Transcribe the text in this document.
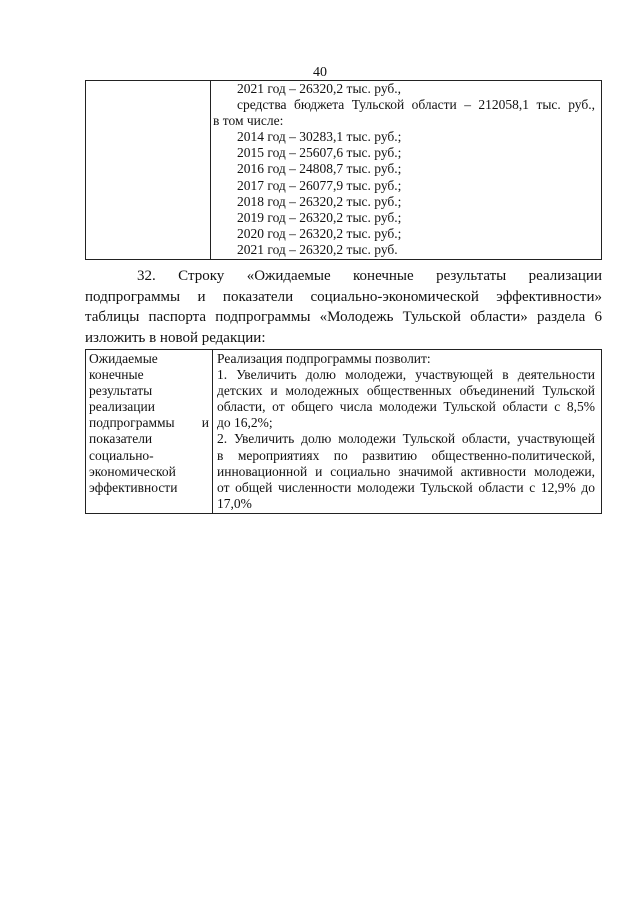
40

2021 год – 26320,2 тыс. руб.,
средства бюджета Тульской области – 212058,1 тыс. руб.,
в том числе:
2014 год – 30283,1 тыс. руб.;
2015 год – 25607,6 тыс. руб.;
2016 год – 24808,7 тыс. руб.;
2017 год – 26077,9 тыс. руб.;
2018 год – 26320,2 тыс. руб.;
2019 год – 26320,2 тыс. руб.;
2020 год – 26320,2 тыс. руб.;
2021 год – 26320,2 тыс. руб.
32. Строку «Ожидаемые конечные результаты реализации
подпрограммы и показатели социально-экономической эффективности»
таблицы паспорта подпрограммы «Молодежь Тульской области» раздела 6
изложить в новой редакции:
Ожидаемые
конечные
результаты
реализации
подпрограммы и
показатели
социально-
экономической
эффективности

Реализация подпрограммы позволит:
1. Увеличить долю молодежи, участвующей в деятельности
детских и молодежных общественных объединений Тульской
области, от общего числа молодежи Тульской области с 8,5%
до 16,2%;
2. Увеличить долю молодежи Тульской области, участвующей
в мероприятиях по развитию общественно-политической,
инновационной и социально значимой активности молодежи,
от общей численности молодежи Тульской области с 12,9% до
17,0%
